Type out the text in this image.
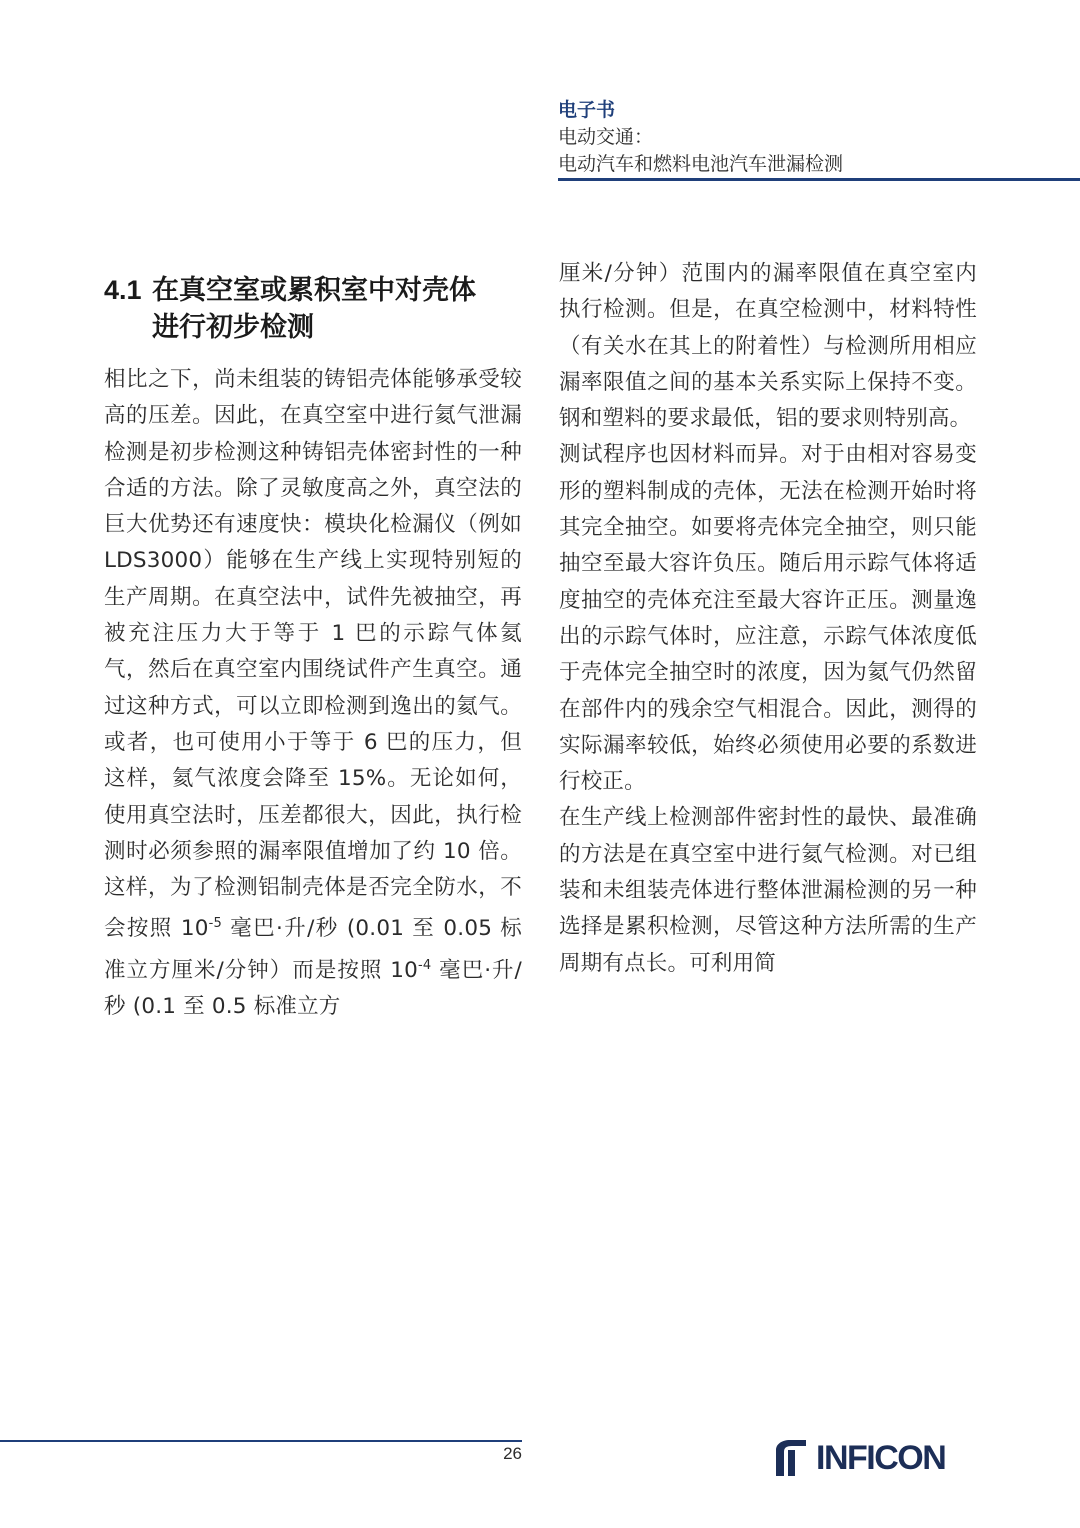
电子书
电动交通：
电动汽车和燃料电池汽车泄漏检测
4.1 在真空室或累积室中对壳体
进行初步检测

相比之下，尚未组装的铸铝壳体能够承受较高的压差。因此，在真空室中进行氦气泄漏检测是初步检测这种铸铝壳体密封性的一种合适的方法。除了灵敏度高之外，真空法的巨大优势还有速度快：模块化检漏仪（例如 LDS3000）能够在生产线上实现特别短的生产周期。在真空法中，试件先被抽空，再被充注压力大于等于 1 巴的示踪气体氦气，然后在真空室内围绕试件产生真空。通过这种方式，可以立即检测到逸出的氦气。或者，也可使用小于等于 6 巴的压力，但这样，氦气浓度会降至 15%。无论如何，使用真空法时，压差都很大，因此，执行检测时必须参照的漏率限值增加了约 10 倍。这样，为了检测铝制壳体是否完全防水，不会按照 $10^{-5}$ 毫巴·升/秒 (0.01 至 0.05 标准立方厘米/分钟）而是按照 $10^{-4}$ 毫巴·升/秒 (0.1 至 0.5 标准立方

厘米/分钟）范围内的漏率限值在真空室内执行检测。但是，在真空检测中，材料特性（有关水在其上的附着性）与检测所用相应漏率限值之间的基本关系实际上保持不变。钢和塑料的要求最低，铝的要求则特别高。

测试程序也因材料而异。对于由相对容易变形的塑料制成的壳体，无法在检测开始时将其完全抽空。如要将壳体完全抽空，则只能抽空至最大容许负压。随后用示踪气体将适度抽空的壳体充注至最大容许正压。测量逸出的示踪气体时，应注意，示踪气体浓度低于壳体完全抽空时的浓度，因为氦气仍然留在部件内的残余空气相混合。因此，测得的实际漏率较低，始终必须使用必要的系数进行校正。

在生产线上检测部件密封性的最快、最准确的方法是在真空室中进行氦气检测。对已组装和未组装壳体进行整体泄漏检测的另一种选择是累积检测，尽管这种方法所需的生产周期有点长。可利用简

26	INFICON
